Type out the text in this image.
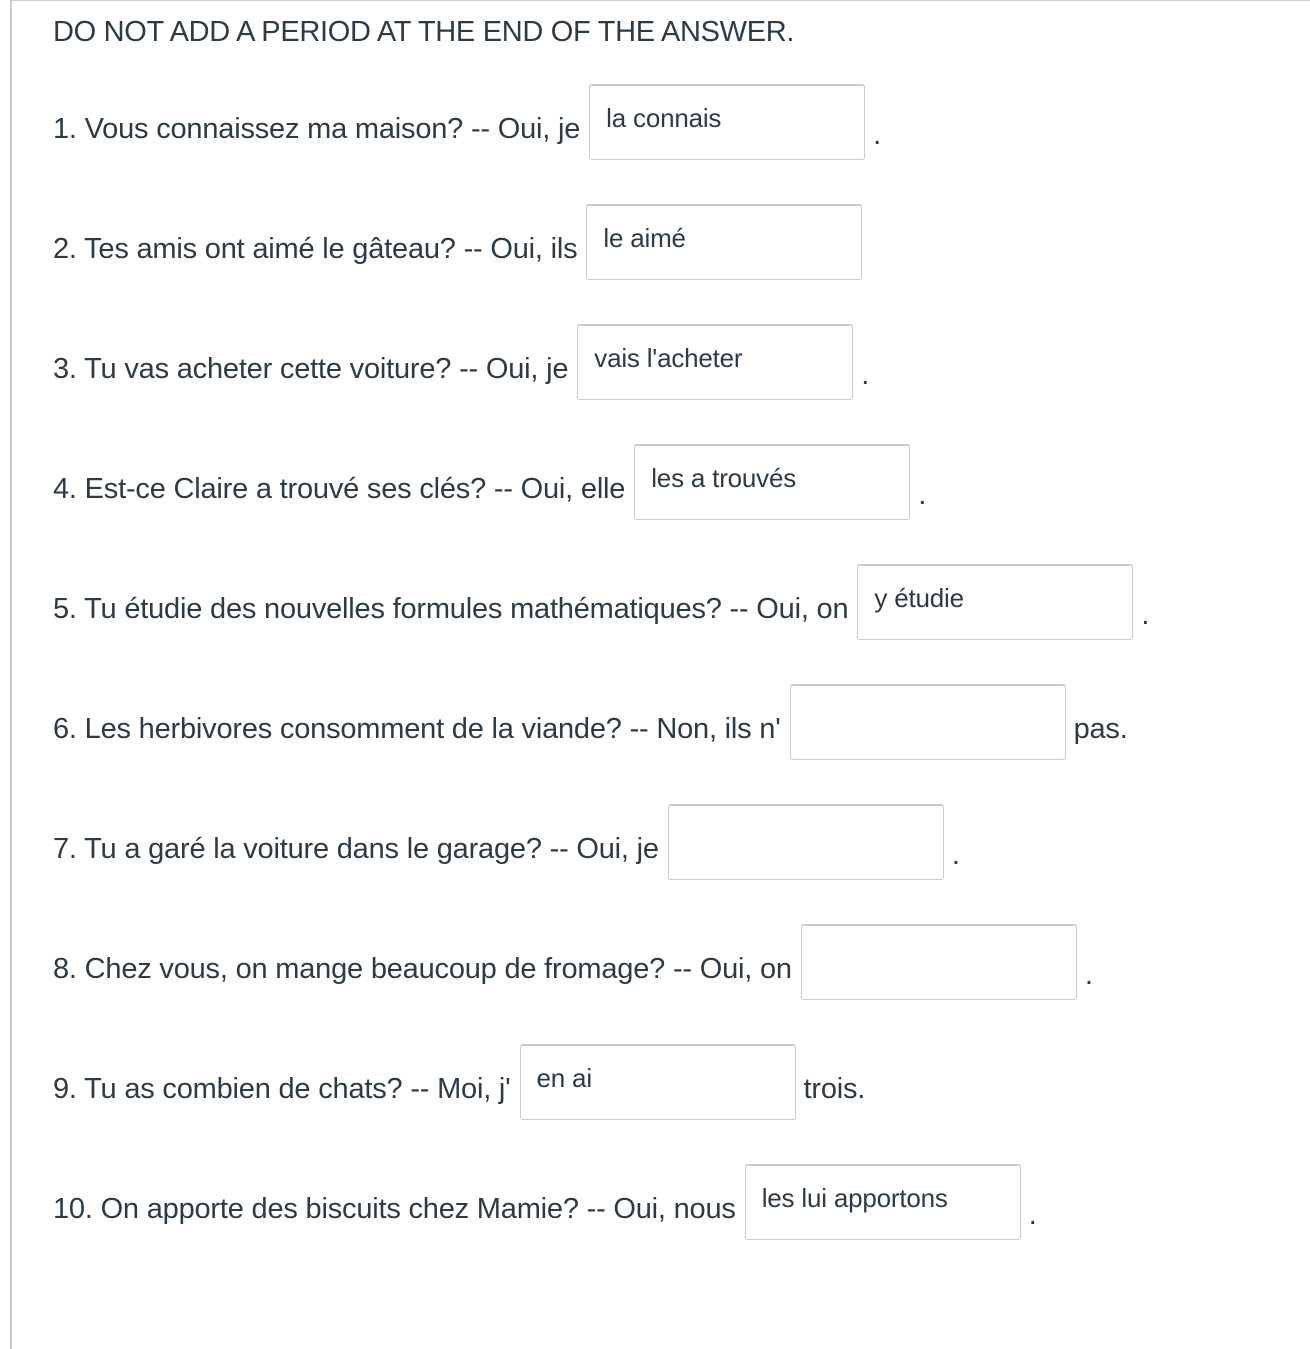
DO NOT ADD A PERIOD AT THE END OF THE ANSWER.
1. Vous connaissez ma maison? -- Oui, je
la connais	.
2. Tes amis ont aimé le gâteau? -- Oui, ils
le aimé
3. Tu vas acheter cette voiture? -- Oui, je
vais l'acheter	.
4. Est-ce Claire a trouvé ses clés? -- Oui, elle
les a trouvés	.
5. Tu étudie des nouvelles formules mathématiques? -- Oui, on
y étudie	.
6. Les herbivores consomment de la viande? -- Non, ils n'	pas.
7. Tu a garé la voiture dans le garage? -- Oui, je	.
8. Chez vous, on mange beaucoup de fromage? -- Oui, on	.
9. Tu as combien de chats? -- Moi, j'
en ai	trois.
10. On apporte des biscuits chez Mamie? -- Oui, nous
les lui apportons	.
